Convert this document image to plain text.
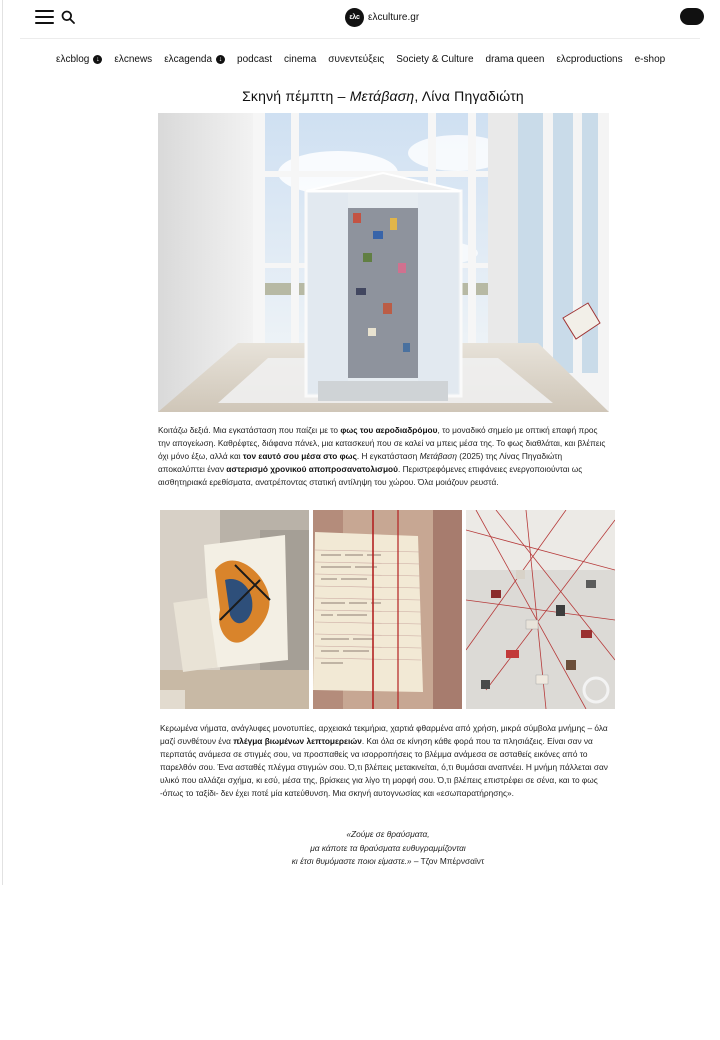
ελc ελculture.gr
ελcblog ↓ ελcnews ελcagenda ↓ podcast cinema συνεντεύξεις Society & Culture drama queen ελcproductions e-shop
Σκηνή πέμπτη – Μετάβαση, Λίνα Πηγαδιώτη

Κοιτάζω δεξιά. Μια εγκατάσταση που παίζει με το φως του αεροδιαδρόμου, το μοναδικό σημείο με οπτική επαφή προς την απογείωση. Καθρέφτες, διάφανα πάνελ, μια κατασκευή που σε καλεί να μπεις μέσα της. Το φως διαθλάται, και βλέπεις όχι μόνο έξω, αλλά και τον εαυτό σου μέσα στο φως. Η εγκατάσταση Μετάβαση (2025) της Λίνας Πηγαδιώτη αποκαλύπτει έναν αστερισμό χρονικού αποπροσανατολισμού. Περιστρεφόμενες επιφάνειες ενεργοποιούνται ως αισθητηριακά ερεθίσματα, ανατρέποντας στατική αντίληψη του χώρου. Όλα μοιάζουν ρευστά.

Κερωμένα νήματα, ανάγλυφες μονοτυπίες, αρχειακά τεκμήρια, χαρτιά φθαρμένα από χρήση, μικρά σύμβολα μνήμης – όλα μαζί συνθέτουν ένα πλέγμα βιωμένων λεπτομερειών. Και όλα σε κίνηση κάθε φορά που τα πλησιάζεις. Είναι σαν να περπατάς ανάμεσα σε στιγμές σου, να προσπαθείς να ισορροπήσεις το βλέμμα ανάμεσα σε ασταθείς εικόνες από το παρελθόν σου. Ένα ασταθές πλέγμα στιγμών σου. Ό,τι βλέπεις μετακινείται, ό,τι θυμάσαι αναπνέει. Η μνήμη πάλλεται σαν υλικό που αλλάζει σχήμα, κι εσύ, μέσα της, βρίσκεις για λίγο τη μορφή σου. Ό,τι βλέπεις επιστρέφει σε σένα, και το φως -όπως το ταξίδι- δεν έχει ποτέ μία κατεύθυνση. Μια σκηνή αυτογνωσίας και «εσωπαρατήρησης».

«Ζούμε σε θραύσματα,
μα κάποτε τα θραύσματα ευθυγραμμίζονται
κι έτσι θυμόμαστε ποιοι είμαστε.» – Τζον Μπέρνσαϊντ
